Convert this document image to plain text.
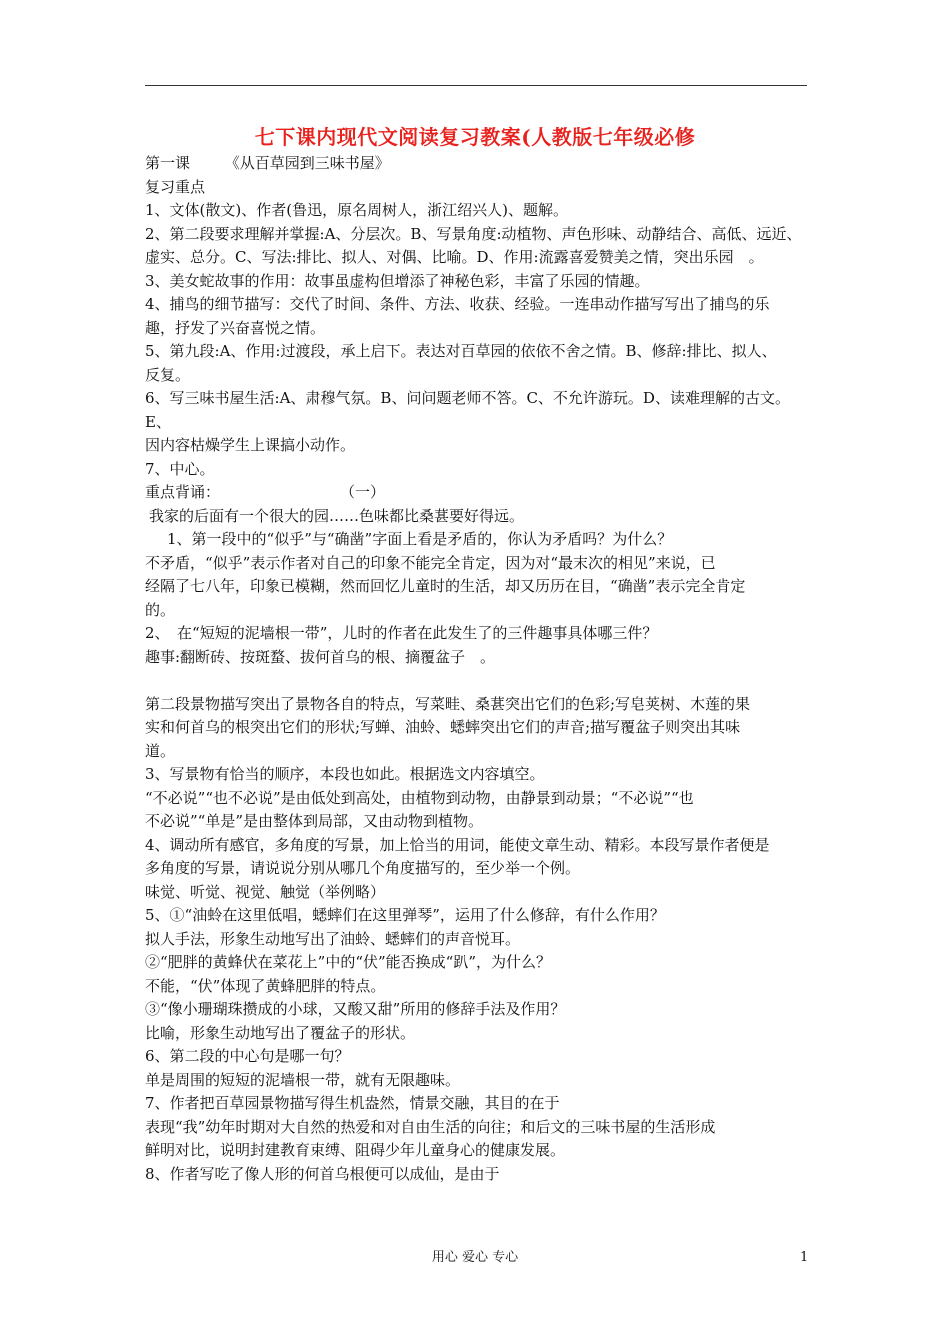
七下课内现代文阅读复习教案(人教版七年级必修

第一课　　 《从百草园到三味书屋》

复习重点

1、文体(散文)、作者(鲁迅，原名周树人，浙江绍兴人)、题解。

2、第二段要求理解并掌握:A、分层次。B、写景角度:动植物、声色形味、动静结合、高低、远近、

虚实、总分。C、写法:排比、拟人、对偶、比喻。D、作用:流露喜爱赞美之情，突出乐园　。

3、美女蛇故事的作用：故事虽虚构但增添了神秘色彩，丰富了乐园的情趣。

4、捕鸟的细节描写：交代了时间、条件、方法、收获、经验。一连串动作描写写出了捕鸟的乐

趣，抒发了兴奋喜悦之情。

5、第九段:A、作用:过渡段，承上启下。表达对百草园的依依不舍之情。B、修辞:排比、拟人、

反复。

6、写三味书屋生活:A、肃穆气氛。B、问问题老师不答。C、不允许游玩。D、读难理解的古文。E、

因内容枯燥学生上课搞小动作。

7、中心。

重点背诵：　　　　　　　　　（一）

我家的后面有一个很大的园……色味都比桑葚要好得远。

1、第一段中的“似乎”与“确凿”字面上看是矛盾的，你认为矛盾吗？为什么？

不矛盾，“似乎”表示作者对自己的印象不能完全肯定，因为对“最末次的相见”来说，已

经隔了七八年，印象已模糊，然而回忆儿童时的生活，却又历历在目，“确凿”表示完全肯定

的。

2、　在“短短的泥墙根一带”，儿时的作者在此发生了的三件趣事具体哪三件？

趣事:翻断砖、按斑蝥、拔何首乌的根、摘覆盆子　。

第二段景物描写突出了景物各自的特点，写菜畦、桑葚突出它们的色彩;写皂荚树、木莲的果

实和何首乌的根突出它们的形状;写蝉、油蛉、蟋蟀突出它们的声音;描写覆盆子则突出其味

道。

3、写景物有恰当的顺序，本段也如此。根据选文内容填空。

“不必说”“也不必说”是由低处到高处，由植物到动物，由静景到动景；“不必说”“也

不必说”“单是”是由整体到局部，又由动物到植物。

4、调动所有感官，多角度的写景，加上恰当的用词，能使文章生动、精彩。本段写景作者便是

多角度的写景，请说说分别从哪几个角度描写的，至少举一个例。

味觉、听觉、视觉、触觉（举例略）

5、①“油蛉在这里低唱，蟋蟀们在这里弹琴”，运用了什么修辞，有什么作用？

拟人手法，形象生动地写出了油蛉、蟋蟀们的声音悦耳。

②“肥胖的黄蜂伏在菜花上”中的“伏”能否换成“趴”，为什么？

不能，“伏”体现了黄蜂肥胖的特点。

③“像小珊瑚珠攒成的小球，又酸又甜”所用的修辞手法及作用？

比喻，形象生动地写出了覆盆子的形状。

6、第二段的中心句是哪一句？

单是周围的短短的泥墙根一带，就有无限趣味。

7、作者把百草园景物描写得生机盎然，情景交融，其目的在于

表现“我”幼年时期对大自然的热爱和对自由生活的向往；和后文的三味书屋的生活形成

鲜明对比，说明封建教育束缚、阻碍少年儿童身心的健康发展。

8、作者写吃了像人形的何首乌根便可以成仙，是由于

用心 爱心 专心	1
